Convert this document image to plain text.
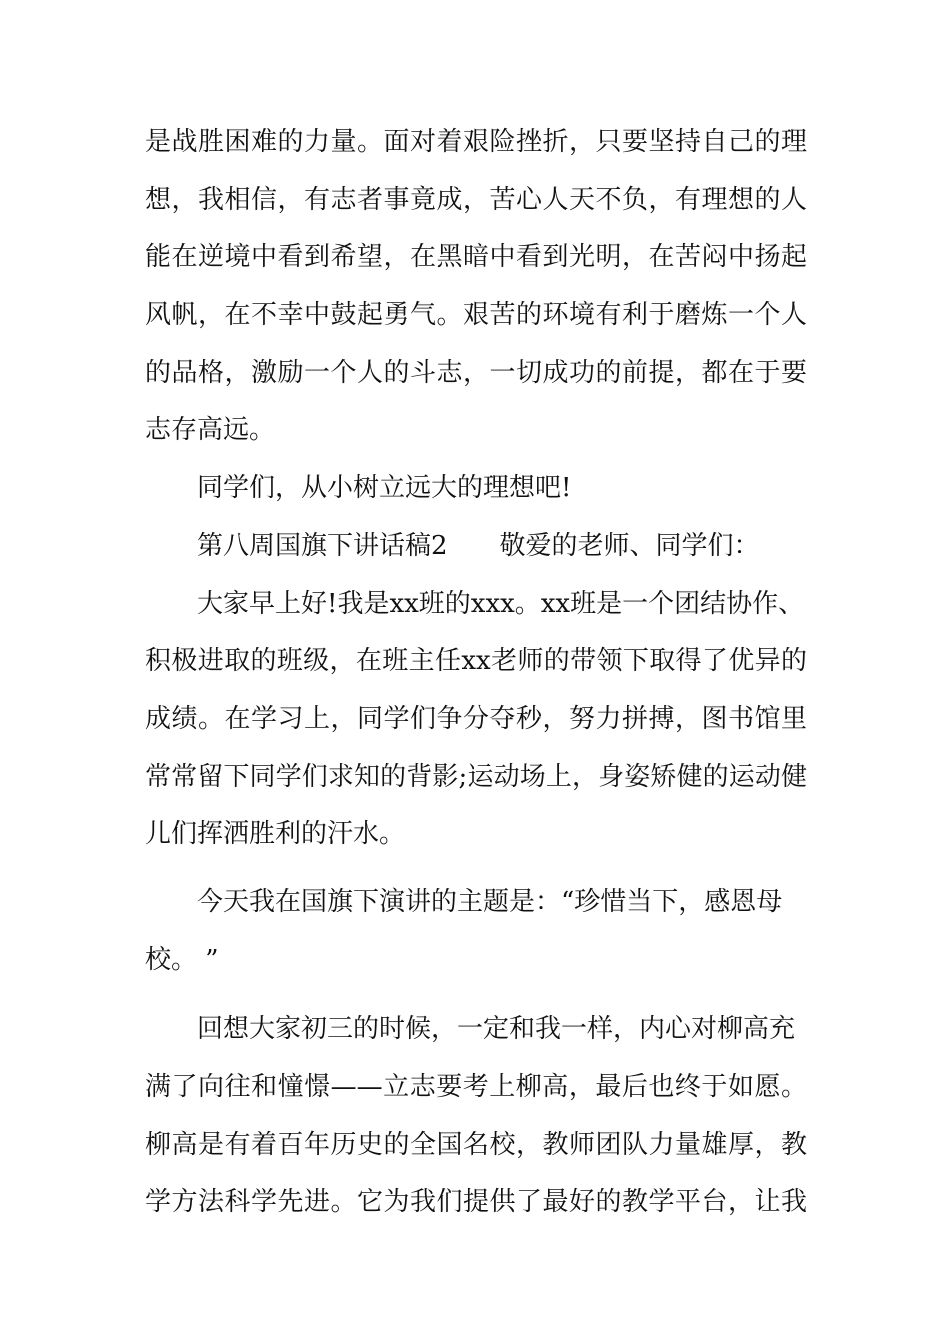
是战胜困难的力量。面对着艰险挫折，只要坚持自己的理
想，我相信，有志者事竟成，苦心人天不负，有理想的人
能在逆境中看到希望，在黑暗中看到光明，在苦闷中扬起
风帆，在不幸中鼓起勇气。艰苦的环境有利于磨炼一个人
的品格，激励一个人的斗志，一切成功的前提，都在于要
志存高远。
同学们，从小树立远大的理想吧!
第八周国旗下讲话稿2　　敬爱的老师、同学们：
大家早上好!我是xx班的xxx。xx班是一个团结协作、
积极进取的班级，在班主任xx老师的带领下取得了优异的
成绩。在学习上，同学们争分夺秒，努力拼搏，图书馆里
常常留下同学们求知的背影;运动场上，身姿矫健的运动健
儿们挥洒胜利的汗水。
今天我在国旗下演讲的主题是：“珍惜当下，感恩母
校。 ”
回想大家初三的时候，一定和我一样，内心对柳高充
满了向往和憧憬——立志要考上柳高，最后也终于如愿。
柳高是有着百年历史的全国名校，教师团队力量雄厚，教
学方法科学先进。它为我们提供了最好的教学平台，让我
